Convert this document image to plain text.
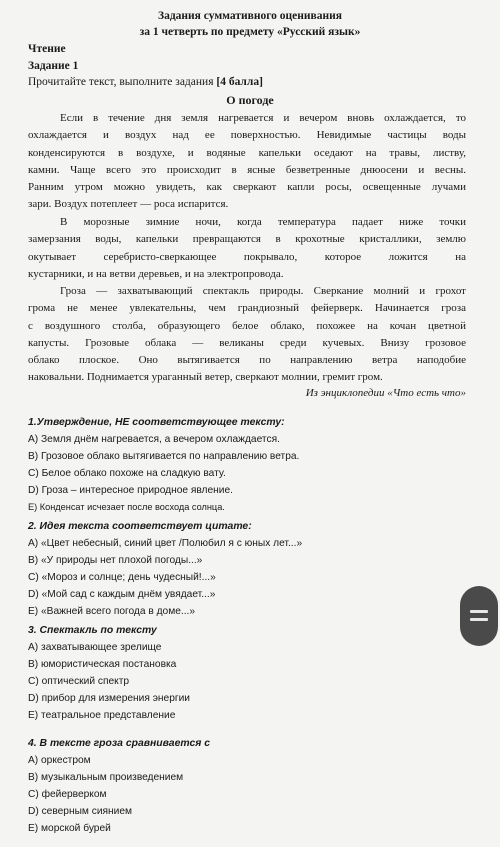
Задания суммативного оценивания
за 1 четверть по предмету «Русский язык»
Чтение
Задание 1
Прочитайте текст, выполните задания [4 балла]
О погоде
Если в течение дня земля нагревается и вечером вновь охлаждается, то
охлаждается и воздух над ее поверхностью. Невидимые частицы воды
конденсируются в воздухе, и водяные капельки оседают на травы, листву,
камни. Чаще всего это происходит в ясные безветренные днюосени и весны.
Ранним утром можно увидеть, как сверкают капли росы, освещенные лучами
зари. Воздух потеплеет — роса испарится.
В морозные зимние ночи, когда температура падает ниже точки
замерзания воды, капельки превращаются в крохотные кристаллики, землю
окутывает серебристо-сверкающее покрывало, которое ложится на
кустарники, и на ветви деревьев, и на электропровода.
Гроза — захватывающий спектакль природы. Сверкание молний и грохот
грома не менее увлекательны, чем грандиозный фейерверк. Начинается гроза
с воздушного столба, образующего белое облако, похожее на кочан цветной
капусты. Грозовые облака — великаны среди кучевых. Внизу грозовое
облако плоское. Оно вытягивается по направлению ветра наподобие
наковальни. Поднимается ураганный ветер, сверкают молнии, гремит гром.
Из энциклопедии «Что есть что»
1.Утверждение, НЕ соответствующее тексту:
A) Земля днём нагревается, а вечером охлаждается.
B) Грозовое облако вытягивается по направлению ветра.
C) Белое облако похоже на сладкую вату.
D) Гроза – интересное природное явление.
E) Конденсат исчезает после восхода солнца.
2. Идея текста соответствует цитате:
A) «Цвет небесный, синий цвет /Полюбил я с юных лет...»
B) «У природы нет плохой погоды...»
C) «Мороз и солнце; день чудесный!...»
D) «Мой сад с каждым днём увядает...»
E) «Важней всего погода в доме...»
3. Спектакль по тексту
A) захватывающее зрелище
B) юмористическая постановка
C) оптический спектр
D) прибор для измерения энергии
E) театральное представление
4. В тексте гроза сравнивается с
A) оркестром
B) музыкальным произведением
C) фейерверком
D) северным сиянием
E) морской бурей
